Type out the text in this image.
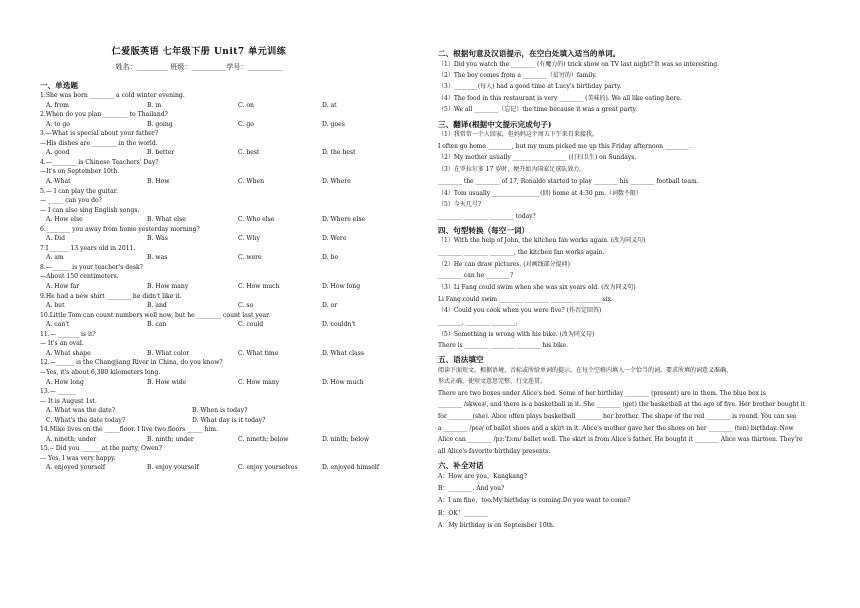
仁爱版英语 七年级下册 Unit7 单元训练
姓名：_________ 班级：__________学号：__________
一、单选题
1.She was born ________ a cold winter evening.
A. from	B. in	C. on	D. at
2.When do you plan ________ to Thailand?
A. to go	B. going	C. go	D. goes
3.—What is special about your father?
—His dishes are ________ in the world.
A. good	B. better	C. best	D. the best
4.—________ is Chinese Teachers' Day?
—It's on September 10th.
A. What	B. How	C. When	D. Where
5.— I can play the guitar.
— _____ can you do?
— I can also sing English songs.
A. How else	B. What else	C. Who else	D. Where else
6.________ you away from home yesterday morning?
A. Did	B. Was	C. Why	D. Were
7.I ______ 13 years old in 2011.
A. am	B. was	C. were	D. be
8.—______ is your teacher's desk?
—About 150 centimeters.
A. How far	B. How many	C. How much	D. How long
9.He had a new shirt ________ he didn't like it.
A. but	B. and	C. so	D. or
10.Little Tom can count numbers well now, but he ________ count last year.
A. can't	B. can	C. could	D. couldn't
11.— _______ is it?
— It's an oval.
A. What shape	B. What color	C. What time	D. What class
12.—______ is the Changjiang River in China, do you know?
—Yes, it's about 6,380 kilometers long.
A. How long	B. How wide	C. How many	D. How much
13.— ______
— It is August 1st.
A. What was the date?	B. When is today?
C. What's the date today?	D. What day is it today?
14.Mike lives on the _____floor. I live two floors _____ him.
A. nineth; under	B. ninth; under	C. nineth; below	D. ninth; below
15.-- Did you ______ at the party, Owen?
--- Yes, I was very happy.
A. enjoyed yourself	B. enjoy yourself	C. enjoy yourselves	D. enjoyed himself
二、根据句意及汉语提示，在空白处填入适当的单词。
（1）Did you watch the ________ (有魔力的) trick show on TV last night? It was so interesting.
（2）The boy comes from a ________（贫穷的）family.
（3）________(每人) had a good time at Lucy's birthday party.
（4）The food in this restaurant is very ________ (美味的). We all like eating here.
（5）We all ________（忘记）the time because it was a great party.
三、翻译(根据中文提示完成句子)
（1）我常常一个人回家，但妈妈这个周五下午来自来接我。
I often go home ________, but my mum picked me up this Friday afternoon ________.
（2）My mother usually __________________ (打扫卫生) on Sundays.
（3）在罗拉尔多 17 岁时，便开始为国家足球队效力。
________ the ________ of 17, Ronaldo started to play ________ his ________ football team.
（4）Tom usually ________________(回) home at 4:30 pm.（词数不限）
（5）今天几号?
________ ________ ________ today?
四、句型转换（每空一词）
（1）With the help of John, the kitchen fan works again. (改为同义句)
________ ________ ________, the kitchen fan works again.
（2）He can draw pictures. (对画线部分提问)
________ can he ________?
（3）Li Fang could swim when she was six years old. (改为同义句)
Li Fang could swim ________ ________ ________ ________ six.
（4）Could you cook when you were five? (作否定回答)
________, ________ ________.
（5）Something is wrong with his bike. (改为同义句)
There is ________ ________ ________ his bike.
五、语法填空
阅读下面短文，根据语境、音标或所给单词的提示，在每个空格内填入一个恰当的词，要求所填的词意义准确、
形式正确，使短文意思完整、行文连贯。
There are two boxes under Alice's bed. Some of her birthday ________ (present) are in them. The blue box is
________ /skwe∂/, and there is a basketball in it. She ________ (get) the basketball at the age of five. Her brother bought it
for ________(she). Alice often plays basketball ________ her brother. The shape of the red ________ is round. You can see
a ________ /pe∂/ of ballet shoes and a skirt in it. Alice's mother gave her the shoes on her ________ (ten) birthday. Now
Alice can ________ /pɜ:'fɔ:m/ ballet well. The skirt is from Alice's father. He bought it ________ Alice was thirteen. They're
all Alice's favorite birthday presents.
六、补全对话
A：How are you，Kangkang?
B：________. And you?
A：I am fine，too.My birthday is coming.Do you want to come?
B：OK！________
A：My birthday is on September 10th.
